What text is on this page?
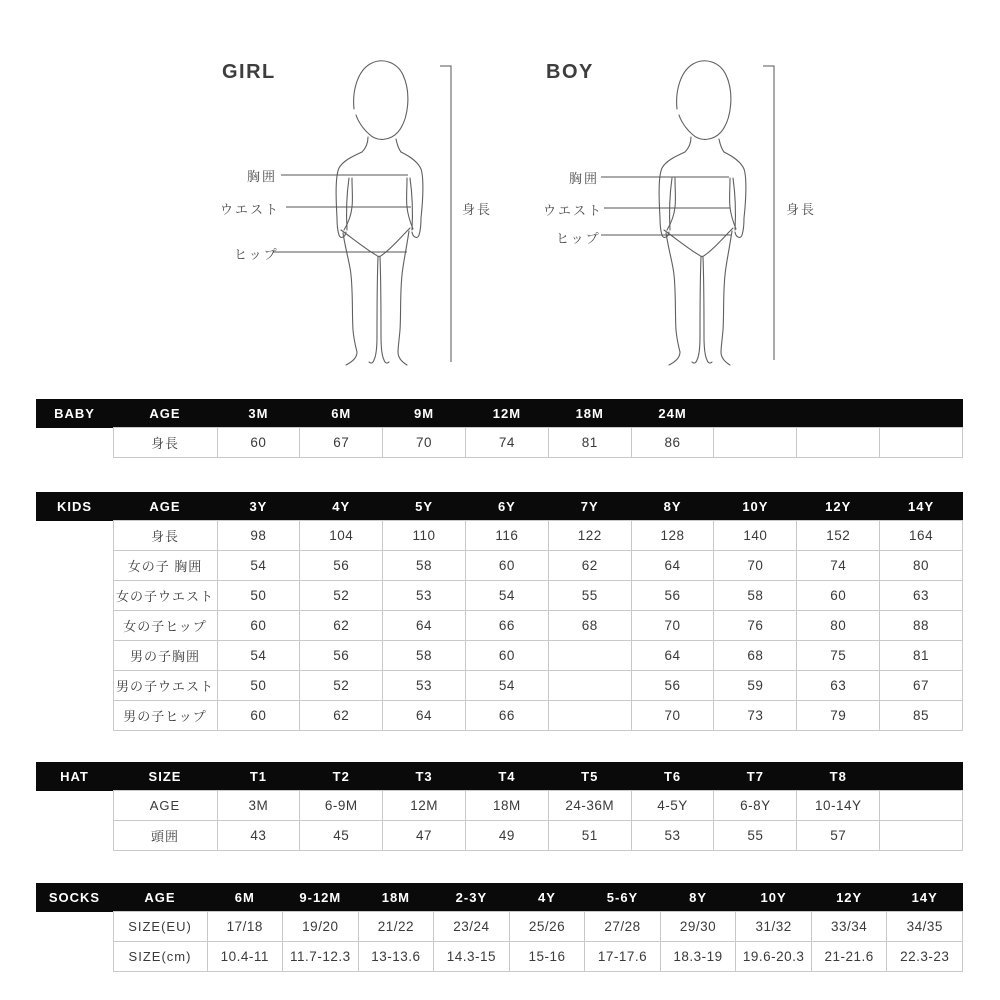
GIRL	BOY
胸囲
ウエスト
ヒップ
身長
胸囲
ウエスト
ヒップ
身長
BABY	AGE	3M	6M	9M	12M	18M	24M			
	身長	60	67	70	74	81	86			
KIDS	AGE	3Y	4Y	5Y	6Y	7Y	8Y	10Y	12Y	14Y
	身長	98	104	110	116	122	128	140	152	164
	女の子 胸囲	54	56	58	60	62	64	70	74	80
	女の子ウエスト	50	52	53	54	55	56	58	60	63
	女の子ヒップ	60	62	64	66	68	70	76	80	88
	男の子胸囲	54	56	58	60		64	68	75	81
	男の子ウエスト	50	52	53	54		56	59	63	67
	男の子ヒップ	60	62	64	66		70	73	79	85
HAT	SIZE	T1	T2	T3	T4	T5	T6	T7	T8	
	AGE	3M	6-9M	12M	18M	24-36M	4-5Y	6-8Y	10-14Y	
	頭囲	43	45	47	49	51	53	55	57	
SOCKS	AGE	6M	9-12M	18M	2-3Y	4Y	5-6Y	8Y	10Y	12Y	14Y
	SIZE(EU)	17/18	19/20	21/22	23/24	25/26	27/28	29/30	31/32	33/34	34/35
	SIZE(cm)	10.4-11	11.7-12.3	13-13.6	14.3-15	15-16	17-17.6	18.3-19	19.6-20.3	21-21.6	22.3-23
